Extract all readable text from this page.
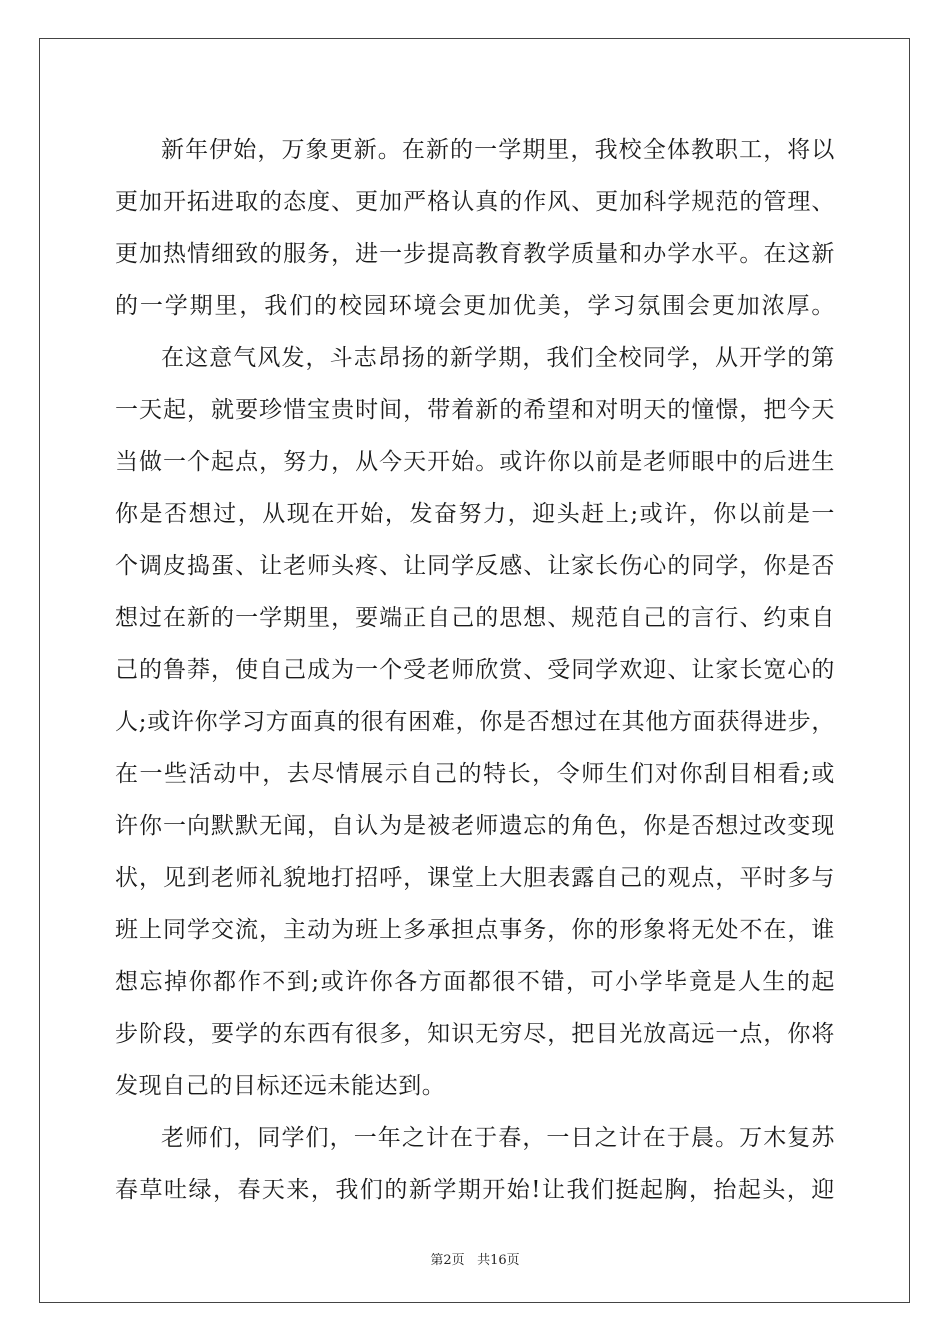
新年伊始，万象更新。在新的一学期里，我校全体教职工，将以
更加开拓进取的态度、更加严格认真的作风、更加科学规范的管理、
更加热情细致的服务，进一步提高教育教学质量和办学水平。在这新
的一学期里，我们的校园环境会更加优美，学习氛围会更加浓厚。
在这意气风发，斗志昂扬的新学期，我们全校同学，从开学的第
一天起，就要珍惜宝贵时间，带着新的希望和对明天的憧憬，把今天
当做一个起点，努力，从今天开始。或许你以前是老师眼中的后进生
你是否想过，从现在开始，发奋努力，迎头赶上;或许，你以前是一
个调皮捣蛋、让老师头疼、让同学反感、让家长伤心的同学，你是否
想过在新的一学期里，要端正自己的思想、规范自己的言行、约束自
己的鲁莽，使自己成为一个受老师欣赏、受同学欢迎、让家长宽心的
人;或许你学习方面真的很有困难，你是否想过在其他方面获得进步，
在一些活动中，去尽情展示自己的特长，令师生们对你刮目相看;或
许你一向默默无闻，自认为是被老师遗忘的角色，你是否想过改变现
状，见到老师礼貌地打招呼，课堂上大胆表露自己的观点，平时多与
班上同学交流，主动为班上多承担点事务，你的形象将无处不在，谁
想忘掉你都作不到;或许你各方面都很不错，可小学毕竟是人生的起
步阶段，要学的东西有很多，知识无穷尽，把目光放高远一点，你将
发现自己的目标还远未能达到。
老师们，同学们，一年之计在于春，一日之计在于晨。万木复苏
春草吐绿，春天来，我们的新学期开始!让我们挺起胸，抬起头，迎
第2页 共16页
